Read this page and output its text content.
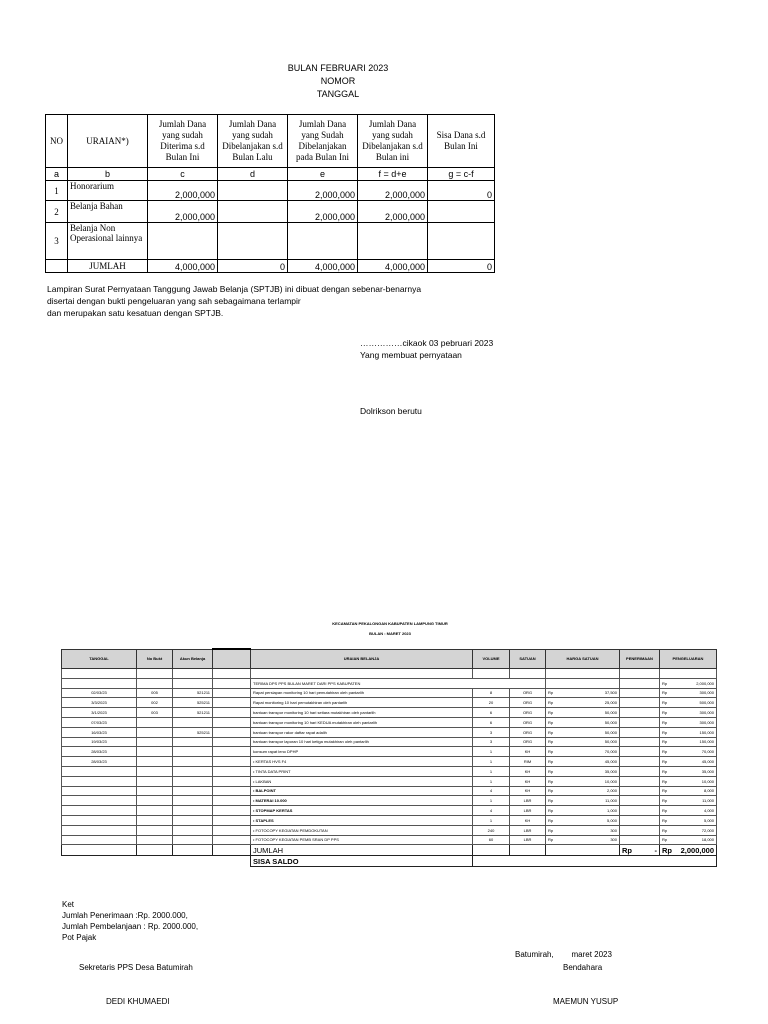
BULAN FEBRUARI 2023
NOMOR
TANGGAL
NO	URAIAN*)	Jumlah Dana yang sudah Diterima s.d Bulan Ini	Jumlah Dana yang sudah Dibelanjakan s.d Bulan Lalu	Jumlah Dana yang Sudah Dibelanjakan pada Bulan Ini	Jumlah Dana yang sudah Dibelanjakan s.d Bulan ini	Sisa Dana s.d Bulan Ini
a	b	c	d	e	f = d+e	g = c-f
1	Honorarium	2,000,000		2,000,000	2,000,000	0
2	Belanja Bahan	2,000,000		2,000,000	2,000,000	
3	Belanja Non Operasional lainnya					
	JUMLAH	4,000,000	0	4,000,000	4,000,000	0
Lampiran Surat Pernyataan Tanggung Jawab Belanja (SPTJB) ini dibuat dengan sebenar-benarnya
disertai dengan bukti pengeluaran yang sah sebagaimana terlampir
dan merupakan satu kesatuan dengan SPTJB.
……………cikaok 03 pebruari 2023
Yang membuat pernyataan
Dolrikson berutu
KECAMATAN PEKALONGAN KABUPATEN LAMPUNG TIMUR
BULAN : MARET 2023
TANGGAL	No Bukt	Akun Belanja		URAIAN BELANJA	VOLUME	SATUAN	HARGA SATUAN	PENERIMAAN	PENGELUARAN

				TERIMA DPS PPS BULAN MARET DARI PPS KABUPATEN					Rp 2,000,000

02/03/23	005	521211		Rapat persiapan monitoring 10 hari pemutahiran oleh pantarlih	8	ORG	Rp 37,500		Rp 300,000

3/3/2023	002	525211		Rapat monitoring 10 hari pemutakhiran oleh pantarlih	20	ORG	Rp 25,000		Rp 500,000

3/1/2023	003	521211		bantuan transpor monitoring 10 hari setiara mutakhiran oleh pantarlih	6	ORG	Rp 50,000		Rp 300,000

07/03/23				bantuan transpor monitoring 10 hari KEDUA mutakhiran oleh pantarlih	6	ORG	Rp 50,000		Rp 300,000

16/03/23		525211		bantuan transpor rakor daftar rapat adalih	3	ORG	Rp 50,000		Rp 150,000

19/03/23				bantuan transpor laporan 10 hari ketiga mutakhiran oleh pantarlih	3	ORG	Rp 50,000		Rp 150,000

28/03/23				konsum rapat leno DPHP	1	KH	Rp 70,000		Rp 70,000

28/03/23				• KERTAS HVS F4	1	RIM	Rp 45,000		Rp 45,000

				• TINTA DATA PRINT	1	KH	Rp 35,000		Rp 35,000

				• LAKBAN	1	KH	Rp 10,000		Rp 10,000

				• BALPOINT	4	KH	Rp 2,000		Rp 8,000

				• MATERAI 10.000	1	LBR	Rp 11,000		Rp 11,000

				• STOPMAP KERTAS	4	LBR	Rp 1,000		Rp 4,000

				• STAPLES	1	KH	Rp 5,000		Rp 5,000

				• FOTOCOPY KEGIATAN PEMDOKUTAN	240	LBR	Rp 300		Rp 72,000

				• FOTOCOPY KEGIATAN PEMB SRAN DP PPS	60	LBR	Rp 300		Rp 18,000

				JUMLAH				Rp -	Rp 2,000,000

				SISA SALDO					
Ket
Jumlah Penerimaan :Rp. 2000.000,
Jumlah Pembelanjaan : Rp. 2000.000,
Pot Pajak
Batumirah,        maret 2023
Sekretaris PPS Desa Batumirah	Bendahara
DEDI KHUMAEDI	MAEMUN YUSUP
